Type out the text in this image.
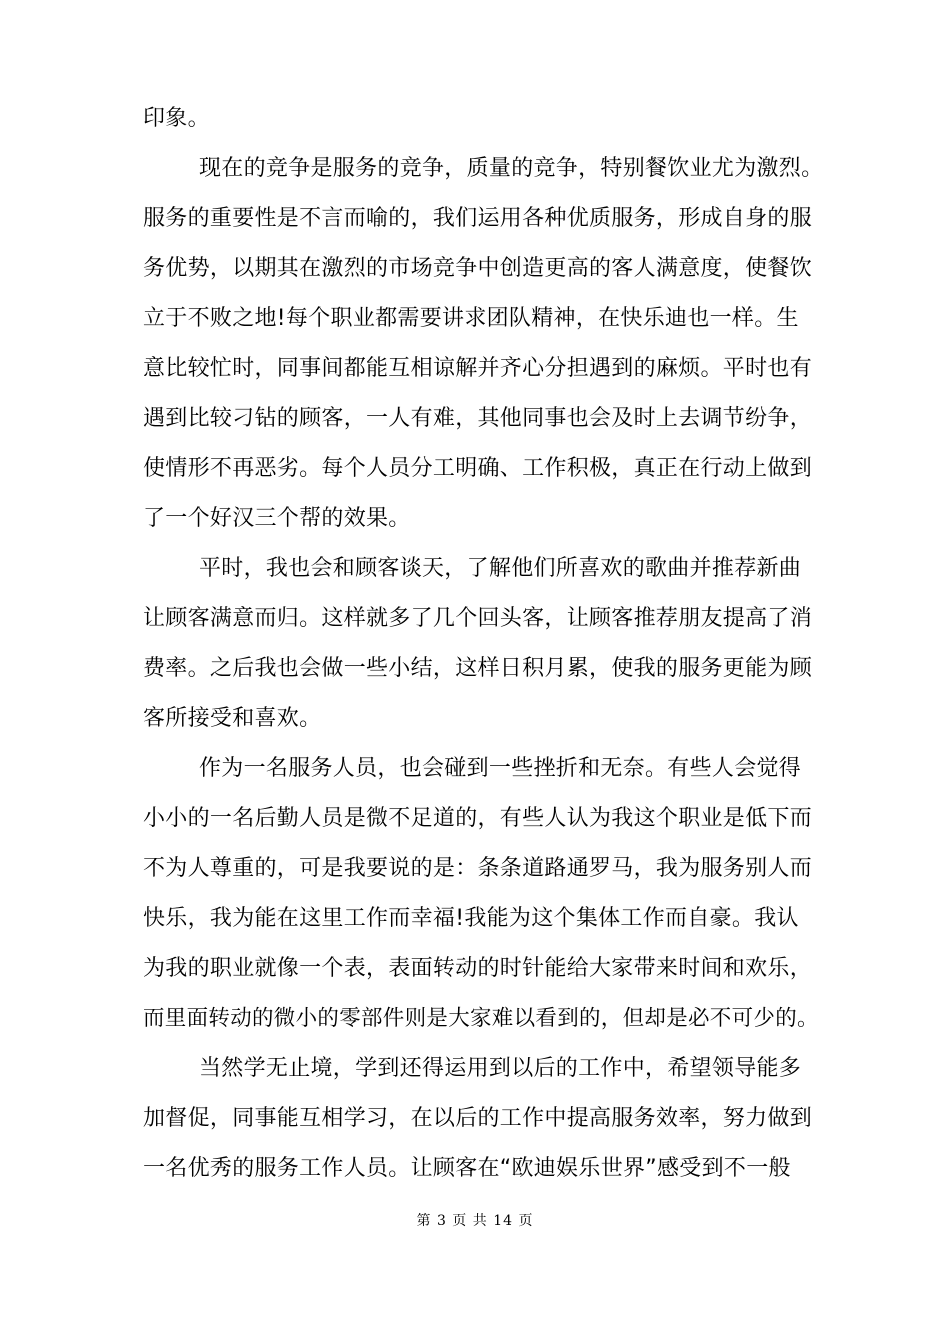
印象。
现在的竞争是服务的竞争，质量的竞争，特别餐饮业尤为激烈。
服务的重要性是不言而喻的，我们运用各种优质服务，形成自身的服
务优势，以期其在激烈的市场竞争中创造更高的客人满意度，使餐饮
立于不败之地!每个职业都需要讲求团队精神，在快乐迪也一样。生
意比较忙时，同事间都能互相谅解并齐心分担遇到的麻烦。平时也有
遇到比较刁钻的顾客，一人有难，其他同事也会及时上去调节纷争，
使情形不再恶劣。每个人员分工明确、工作积极，真正在行动上做到
了一个好汉三个帮的效果。
平时，我也会和顾客谈天，了解他们所喜欢的歌曲并推荐新曲
让顾客满意而归。这样就多了几个回头客，让顾客推荐朋友提高了消
费率。之后我也会做一些小结，这样日积月累，使我的服务更能为顾
客所接受和喜欢。
作为一名服务人员，也会碰到一些挫折和无奈。有些人会觉得
小小的一名后勤人员是微不足道的，有些人认为我这个职业是低下而
不为人尊重的，可是我要说的是：条条道路通罗马，我为服务别人而
快乐，我为能在这里工作而幸福!我能为这个集体工作而自豪。我认
为我的职业就像一个表，表面转动的时针能给大家带来时间和欢乐，
而里面转动的微小的零部件则是大家难以看到的，但却是必不可少的。
当然学无止境，学到还得运用到以后的工作中，希望领导能多
加督促，同事能互相学习，在以后的工作中提高服务效率，努力做到
一名优秀的服务工作人员。让顾客在“欧迪娱乐世界”感受到不一般
第 3 页 共 14 页
